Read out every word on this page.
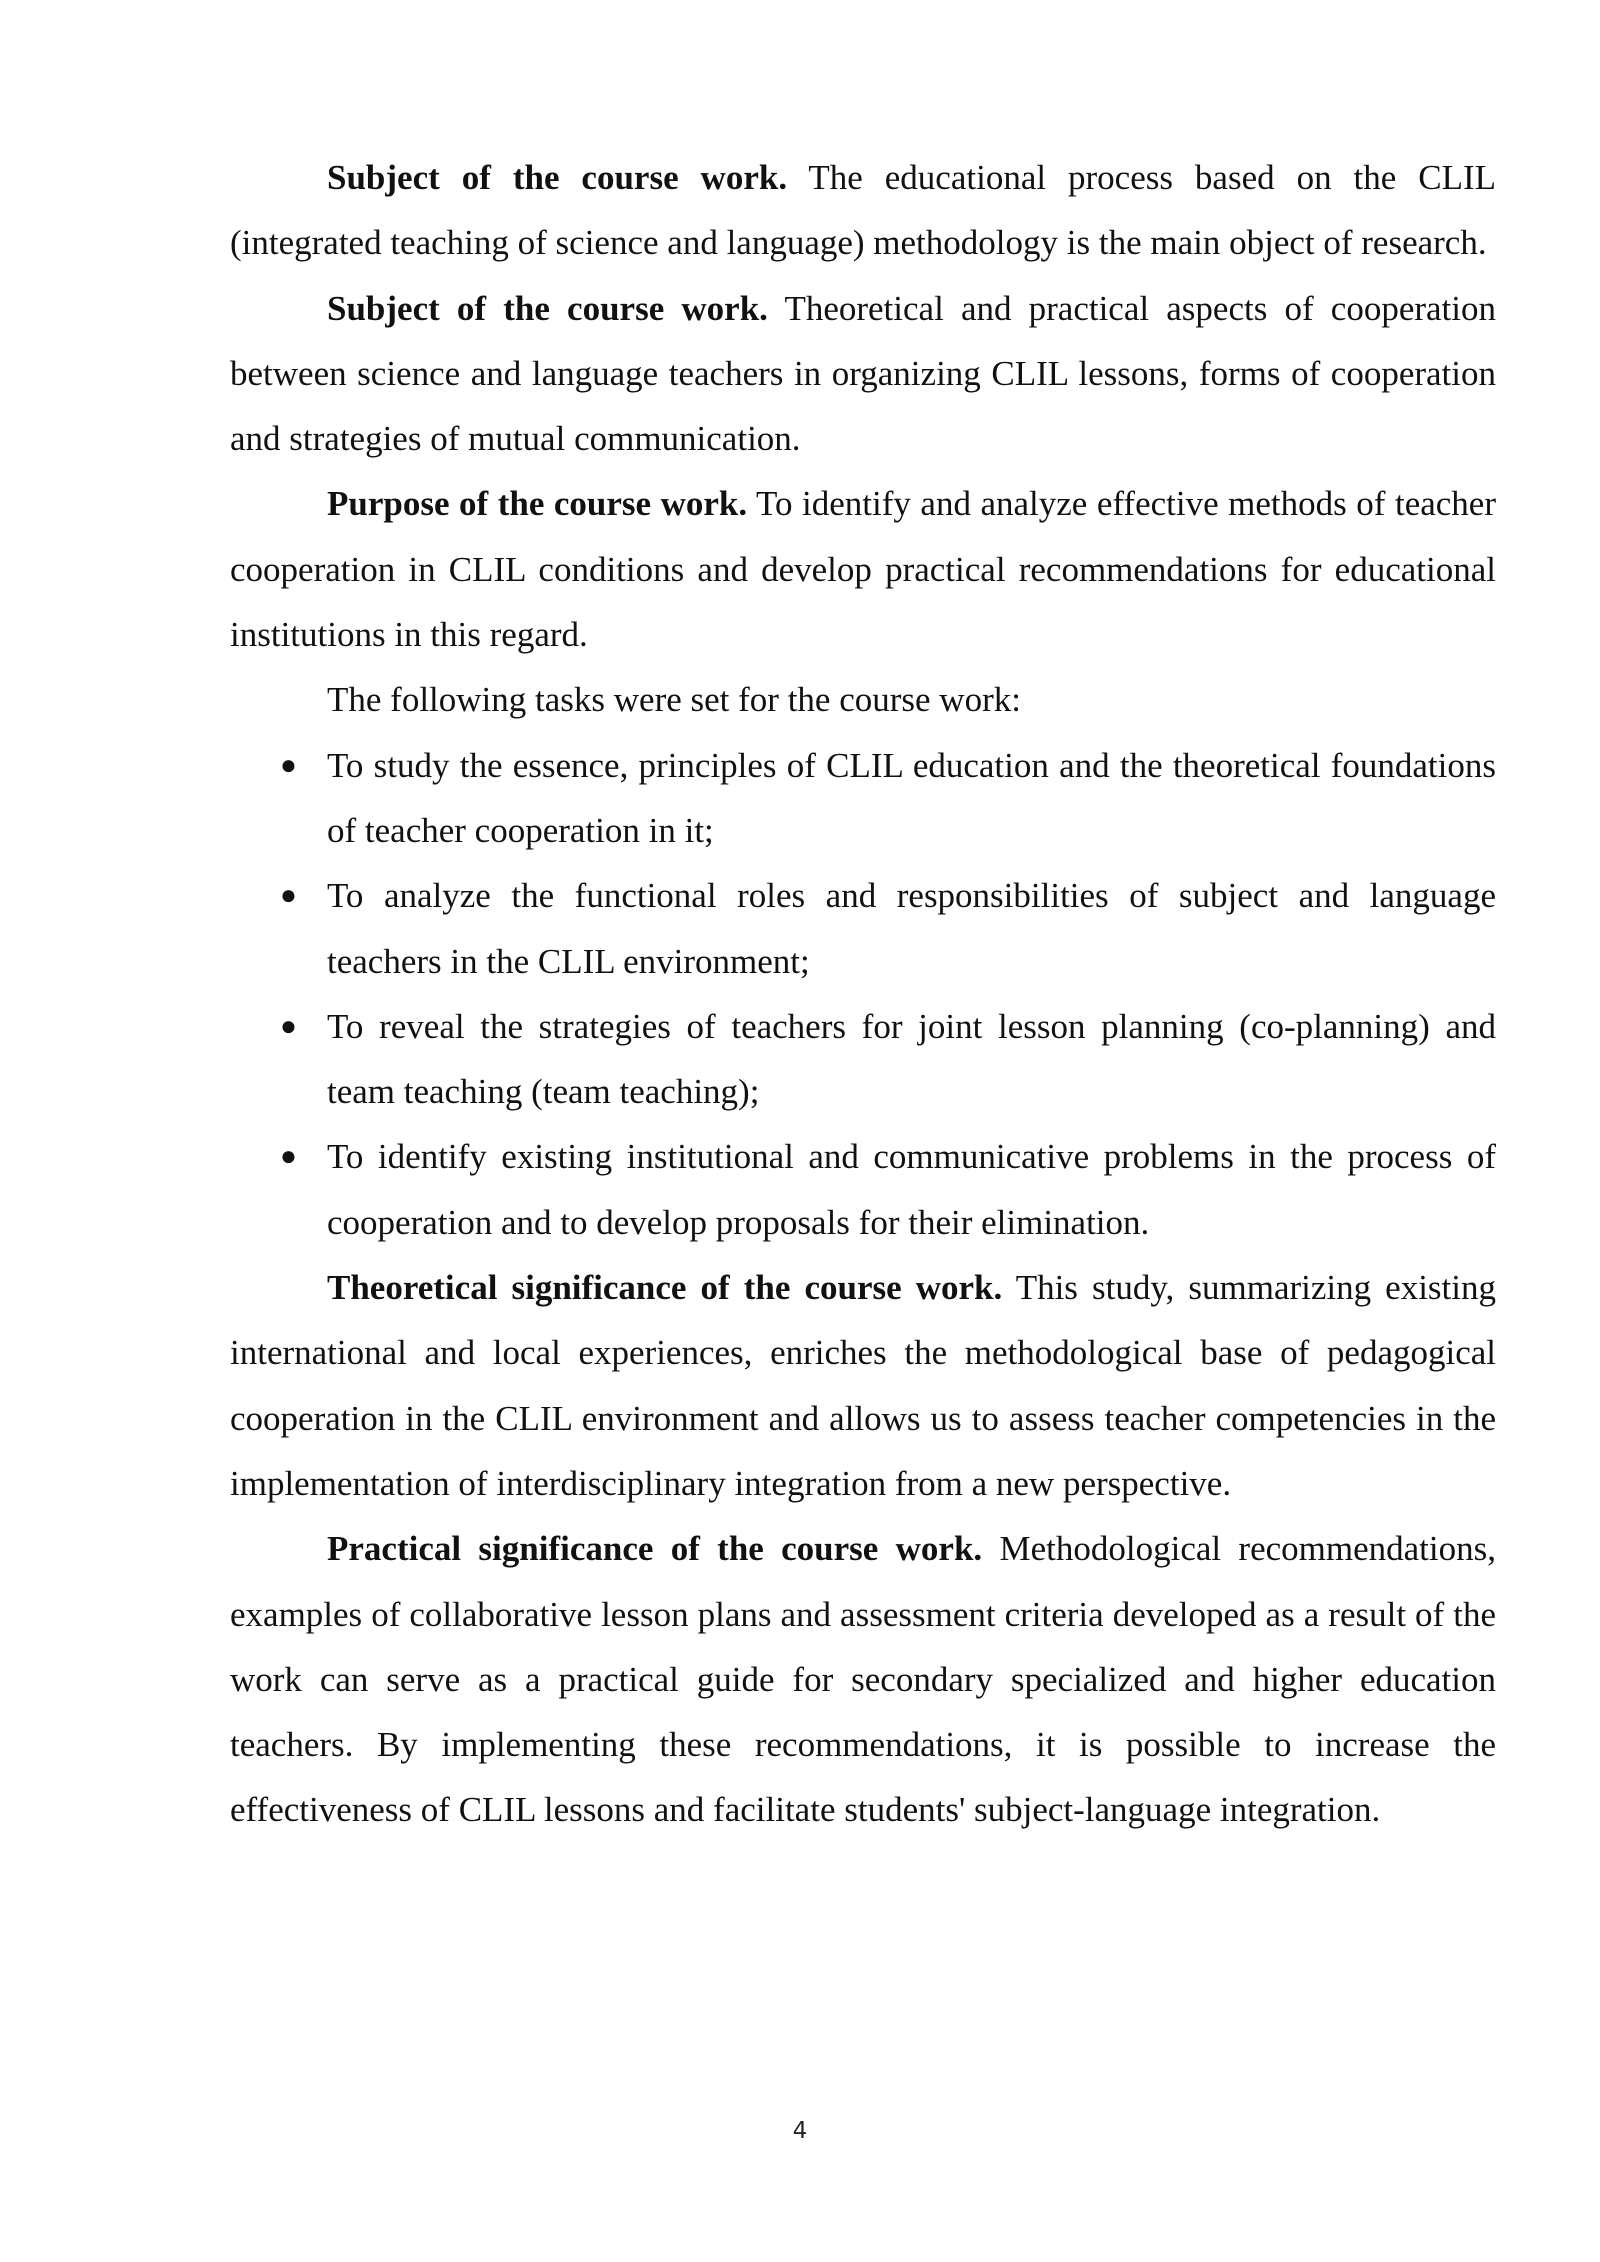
Subject of the course work. The educational process based on the CLIL (integrated teaching of science and language) methodology is the main object of research.

Subject of the course work. Theoretical and practical aspects of cooperation between science and language teachers in organizing CLIL lessons, forms of cooperation and strategies of mutual communication.

Purpose of the course work. To identify and analyze effective methods of teacher cooperation in CLIL conditions and develop practical recommendations for educational institutions in this regard.

The following tasks were set for the course work:

● To study the essence, principles of CLIL education and the theoretical foundations of teacher cooperation in it;
● To analyze the functional roles and responsibilities of subject and language teachers in the CLIL environment;
● To reveal the strategies of teachers for joint lesson planning (co-planning) and team teaching (team teaching);
● To identify existing institutional and communicative problems in the process of cooperation and to develop proposals for their elimination.

Theoretical significance of the course work. This study, summarizing existing international and local experiences, enriches the methodological base of pedagogical cooperation in the CLIL environment and allows us to assess teacher competencies in the implementation of interdisciplinary integration from a new perspective.

Practical significance of the course work. Methodological recommendations, examples of collaborative lesson plans and assessment criteria developed as a result of the work can serve as a practical guide for secondary specialized and higher education teachers. By implementing these recommendations, it is possible to increase the effectiveness of CLIL lessons and facilitate students' subject-language integration.

4
